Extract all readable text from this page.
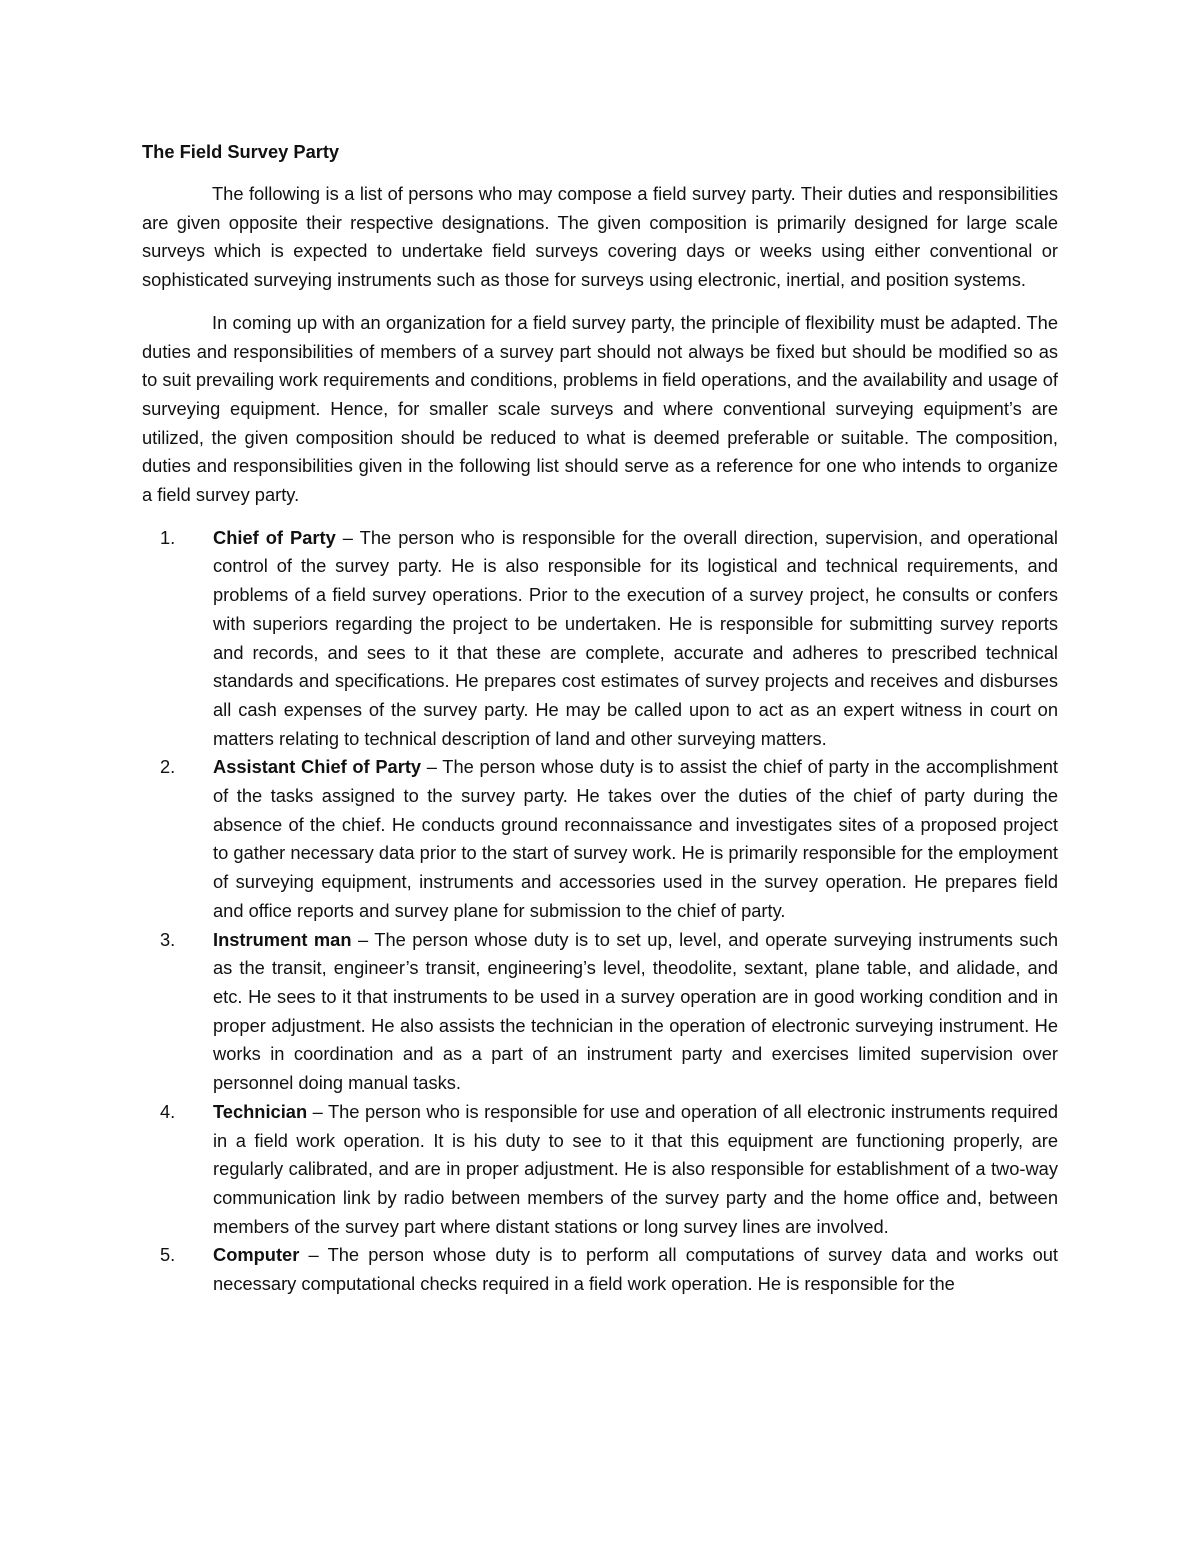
The Field Survey Party

The following is a list of persons who may compose a field survey party. Their duties and responsibilities are given opposite their respective designations. The given composition is primarily designed for large scale surveys which is expected to undertake field surveys covering days or weeks using either conventional or sophisticated surveying instruments such as those for surveys using electronic, inertial, and position systems.

In coming up with an organization for a field survey party, the principle of flexibility must be adapted. The duties and responsibilities of members of a survey part should not always be fixed but should be modified so as to suit prevailing work requirements and conditions, problems in field operations, and the availability and usage of surveying equipment. Hence, for smaller scale surveys and where conventional surveying equipment’s are utilized, the given composition should be reduced to what is deemed preferable or suitable. The composition, duties and responsibilities given in the following list should serve as a reference for one who intends to organize a field survey party.

1. Chief of Party – The person who is responsible for the overall direction, supervision, and operational control of the survey party. He is also responsible for its logistical and technical requirements, and problems of a field survey operations. Prior to the execution of a survey project, he consults or confers with superiors regarding the project to be undertaken. He is responsible for submitting survey reports and records, and sees to it that these are complete, accurate and adheres to prescribed technical standards and specifications. He prepares cost estimates of survey projects and receives and disburses all cash expenses of the survey party. He may be called upon to act as an expert witness in court on matters relating to technical description of land and other surveying matters.
2. Assistant Chief of Party – The person whose duty is to assist the chief of party in the accomplishment of the tasks assigned to the survey party. He takes over the duties of the chief of party during the absence of the chief. He conducts ground reconnaissance and investigates sites of a proposed project to gather necessary data prior to the start of survey work. He is primarily responsible for the employment of surveying equipment, instruments and accessories used in the survey operation. He prepares field and office reports and survey plane for submission to the chief of party.
3. Instrument man – The person whose duty is to set up, level, and operate surveying instruments such as the transit, engineer’s transit, engineering’s level, theodolite, sextant, plane table, and alidade, and etc. He sees to it that instruments to be used in a survey operation are in good working condition and in proper adjustment. He also assists the technician in the operation of electronic surveying instrument. He works in coordination and as a part of an instrument party and exercises limited supervision over personnel doing manual tasks.
4. Technician – The person who is responsible for use and operation of all electronic instruments required in a field work operation. It is his duty to see to it that this equipment are functioning properly, are regularly calibrated, and are in proper adjustment. He is also responsible for establishment of a two-way communication link by radio between members of the survey party and the home office and, between members of the survey part where distant stations or long survey lines are involved.
5. Computer – The person whose duty is to perform all computations of survey data and works out necessary computational checks required in a field work operation. He is responsible for the
